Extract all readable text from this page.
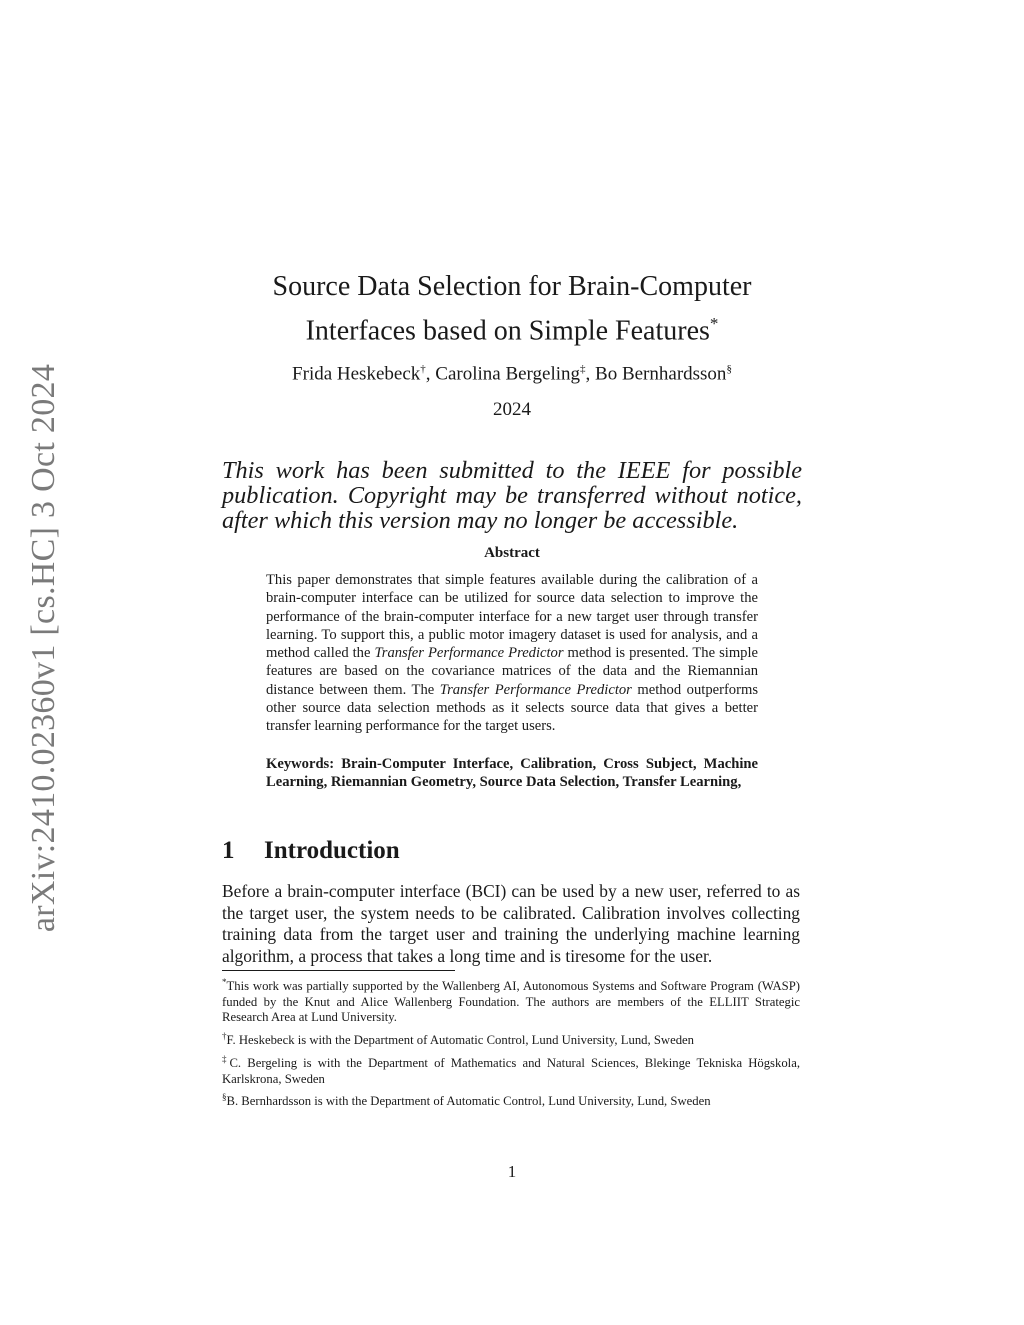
arXiv:2410.02360v1 [cs.HC] 3 Oct 2024
Source Data Selection for Brain-Computer
Interfaces based on Simple Features*
Frida Heskebeck†, Carolina Bergeling‡, Bo Bernhardsson§
2024
This work has been submitted to the IEEE for possible publication. Copyright may be transferred without notice, after which this version may no longer be accessible.
Abstract
This paper demonstrates that simple features available during the calibration of a brain-computer interface can be utilized for source data selection to improve the performance of the brain-computer interface for a new target user through transfer learning. To support this, a public motor imagery dataset is used for analysis, and a method called the Transfer Performance Predictor method is presented. The simple features are based on the covariance matrices of the data and the Riemannian distance between them. The Transfer Performance Predictor method outperforms other source data selection methods as it selects source data that gives a better transfer learning performance for the target users.
Keywords: Brain-Computer Interface, Calibration, Cross Subject, Machine Learning, Riemannian Geometry, Source Data Selection, Transfer Learning,
1 Introduction

Before a brain-computer interface (BCI) can be used by a new user, referred to as the target user, the system needs to be calibrated. Calibration involves collecting training data from the target user and training the underlying machine learning algorithm, a process that takes a long time and is tiresome for the user.

*This work was partially supported by the Wallenberg AI, Autonomous Systems and Software Program (WASP) funded by the Knut and Alice Wallenberg Foundation. The authors are members of the ELLIIT Strategic Research Area at Lund University.

†F. Heskebeck is with the Department of Automatic Control, Lund University, Lund, Sweden

‡C. Bergeling is with the Department of Mathematics and Natural Sciences, Blekinge Tekniska Högskola, Karlskrona, Sweden

§B. Bernhardsson is with the Department of Automatic Control, Lund University, Lund, Sweden

1
